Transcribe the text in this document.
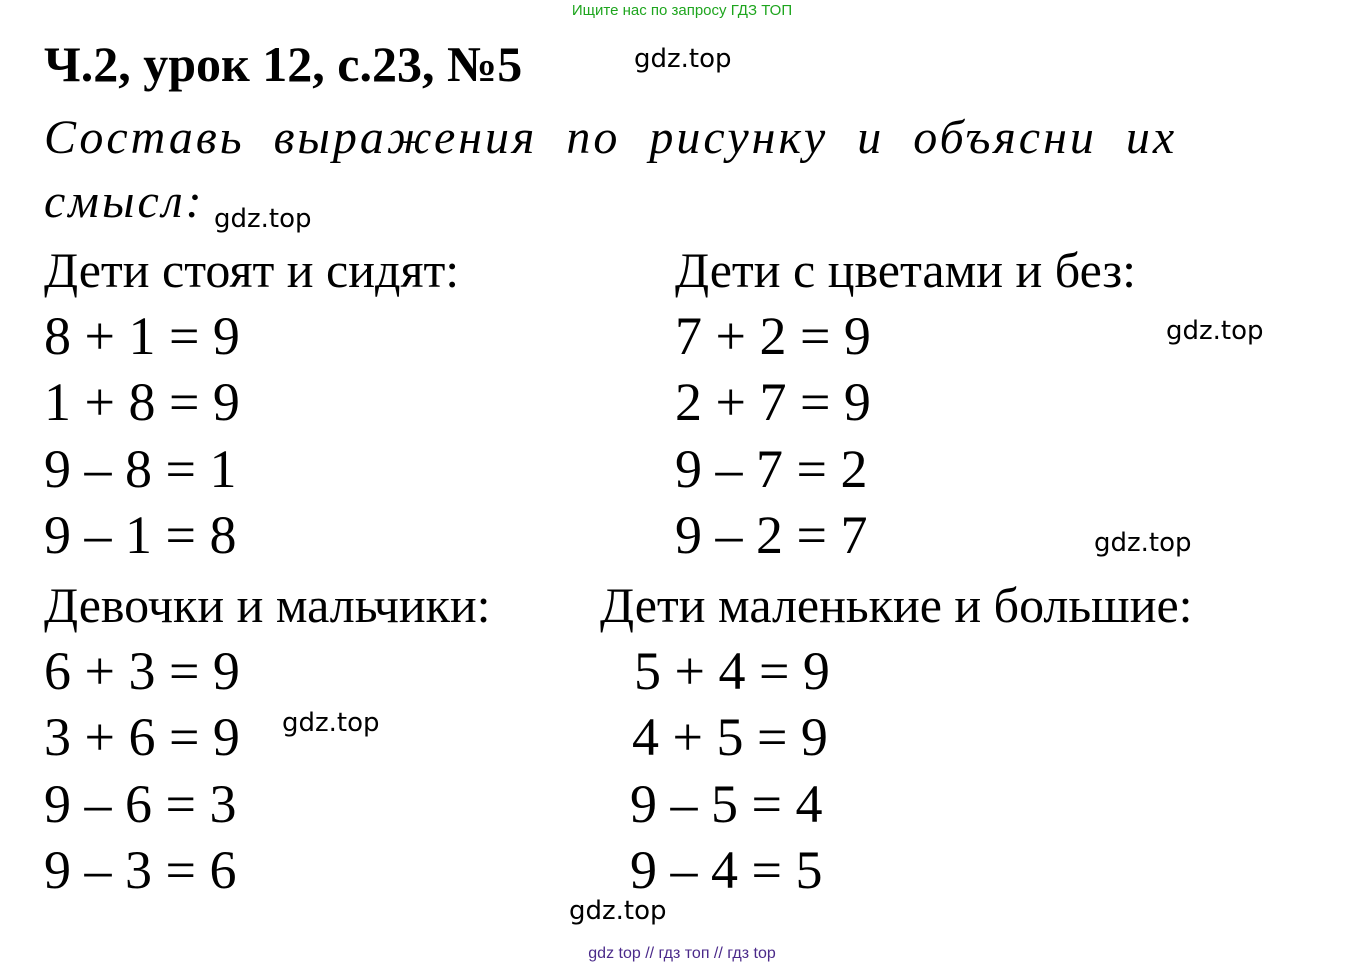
Ищите нас по запросу ГДЗ ТОП
Ч.2, урок 12, с.23, №5	gdz.top
Составь выражения по рисунку и объясни их
смысл: gdz.top
Дети стоят и сидят:
8 + 1 = 9
1 + 8 = 9
9 – 8 = 1
9 – 1 = 8
Дети с цветами и без:
gdz.top
7 + 2 = 9
2 + 7 = 9
9 – 7 = 2
9 – 2 = 7	gdz.top
Девочки и мальчики:
6 + 3 = 9
3 + 6 = 9 gdz.top
9 – 6 = 3
9 – 3 = 6
Дети маленькие и большие:
5 + 4 = 9
4 + 5 = 9
9 – 5 = 4
9 – 4 = 5
gdz.top
gdz top // гдз топ // гдз top
